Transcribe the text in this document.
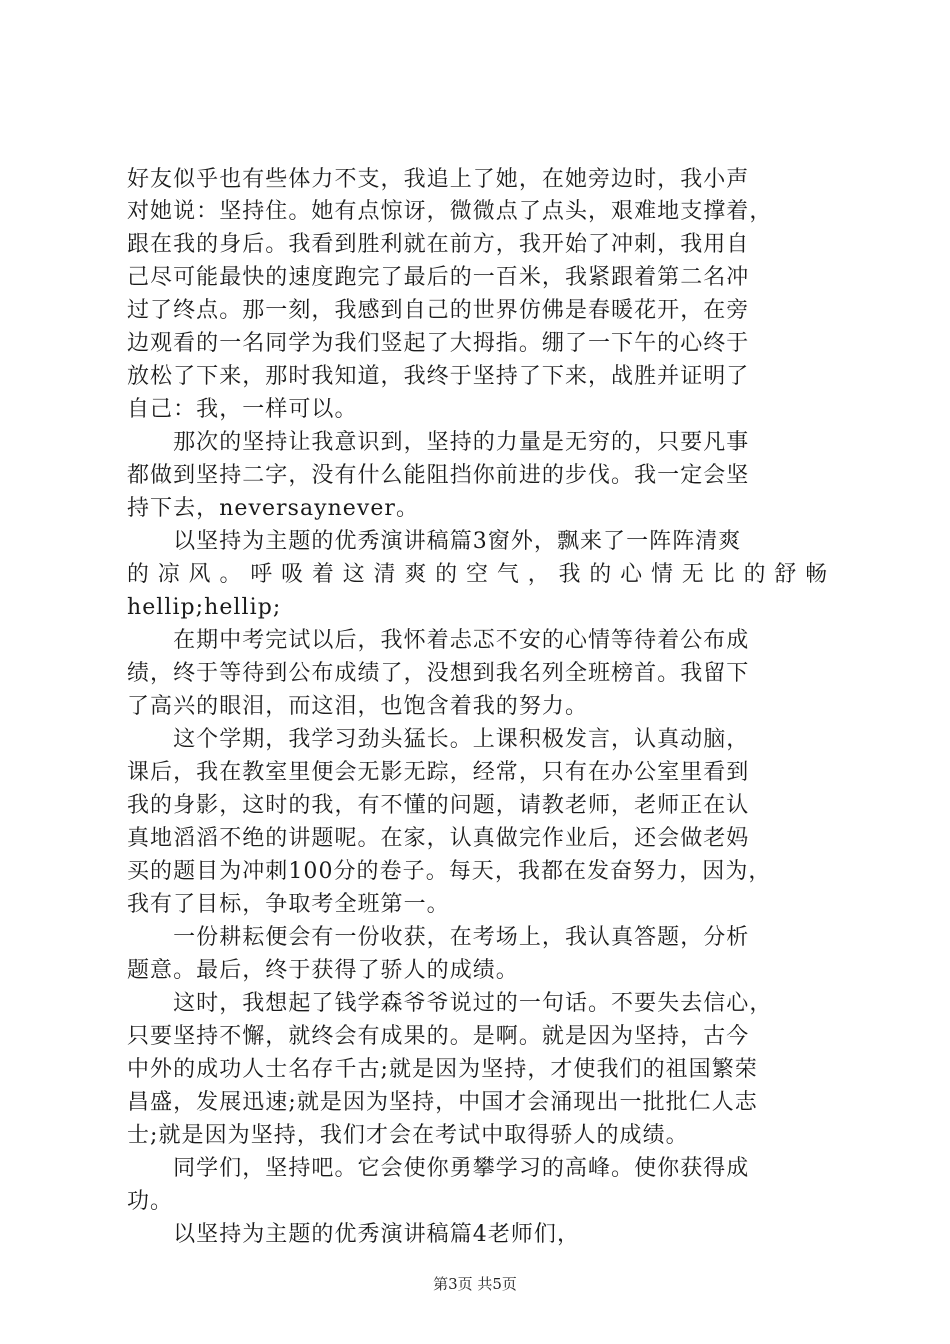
好友似乎也有些体力不支，我追上了她，在她旁边时，我小声
对她说：坚持住。她有点惊讶，微微点了点头，艰难地支撑着，
跟在我的身后。我看到胜利就在前方，我开始了冲刺，我用自
己尽可能最快的速度跑完了最后的一百米，我紧跟着第二名冲
过了终点。那一刻，我感到自己的世界仿佛是春暖花开，在旁
边观看的一名同学为我们竖起了大拇指。绷了一下午的心终于
放松了下来，那时我知道，我终于坚持了下来，战胜并证明了
自己：我，一样可以。
　　那次的坚持让我意识到，坚持的力量是无穷的，只要凡事
都做到坚持二字，没有什么能阻挡你前进的步伐。我一定会坚
持下去，neversaynever。
　　以坚持为主题的优秀演讲稿篇3窗外，飘来了一阵阵清爽
的 凉 风 。 呼 吸 着 这 清 爽 的 空 气 ， 我 的 心 情 无 比 的 舒 畅
hellip;hellip;
　　在期中考完试以后，我怀着忐忑不安的心情等待着公布成
绩，终于等待到公布成绩了，没想到我名列全班榜首。我留下
了高兴的眼泪，而这泪，也饱含着我的努力。
　　这个学期，我学习劲头猛长。上课积极发言，认真动脑，
课后，我在教室里便会无影无踪，经常，只有在办公室里看到
我的身影，这时的我，有不懂的问题，请教老师，老师正在认
真地滔滔不绝的讲题呢。在家，认真做完作业后，还会做老妈
买的题目为冲刺100分的卷子。每天，我都在发奋努力，因为，
我有了目标，争取考全班第一。
　　一份耕耘便会有一份收获，在考场上，我认真答题，分析
题意。最后，终于获得了骄人的成绩。
　　这时，我想起了钱学森爷爷说过的一句话。不要失去信心，
只要坚持不懈，就终会有成果的。是啊。就是因为坚持，古今
中外的成功人士名存千古;就是因为坚持，才使我们的祖国繁荣
昌盛，发展迅速;就是因为坚持，中国才会涌现出一批批仁人志
士;就是因为坚持，我们才会在考试中取得骄人的成绩。
　　同学们，坚持吧。它会使你勇攀学习的高峰。使你获得成
功。
　　以坚持为主题的优秀演讲稿篇4老师们，
第3页 共5页
